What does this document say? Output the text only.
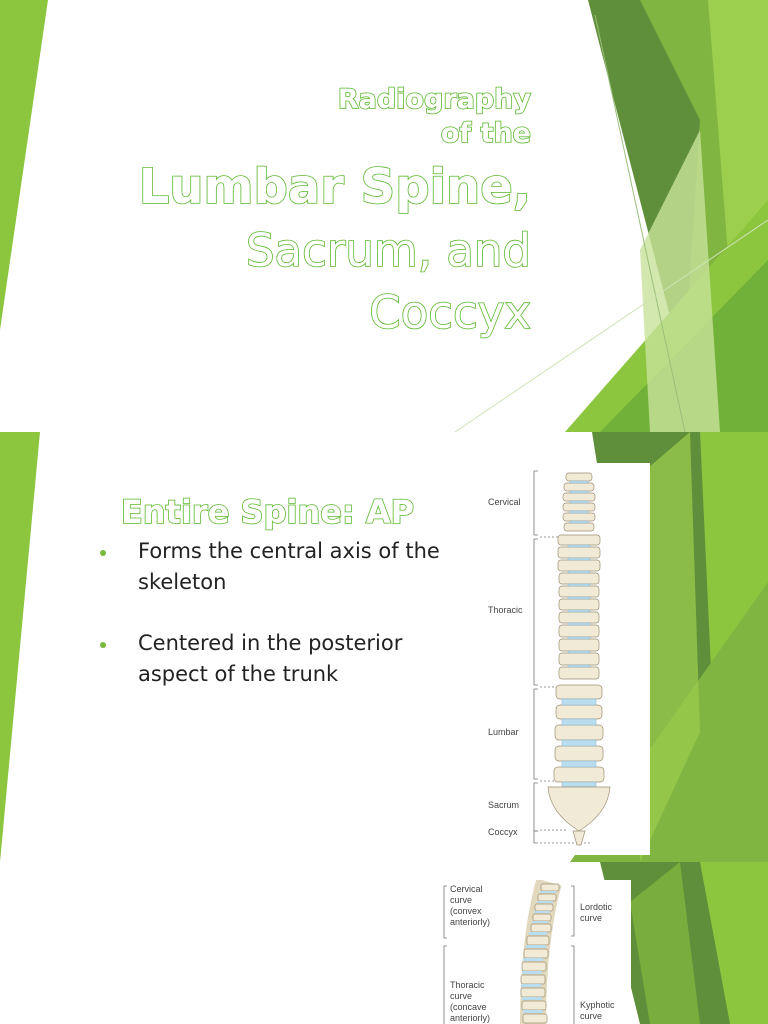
Radiography
of the
Lumbar Spine,
Sacrum, and
Coccyx
Entire Spine: AP
Forms the central axis of the skeleton
Centered in the posterior aspect of the trunk
Cervical
Thoracic
Lumbar
Sacrum
Coccyx
Cervical
curve
(convex
anteriorly)
Thoracic
curve
(concave
anteriorly)
Lordotic
curve
Kyphotic
curve
